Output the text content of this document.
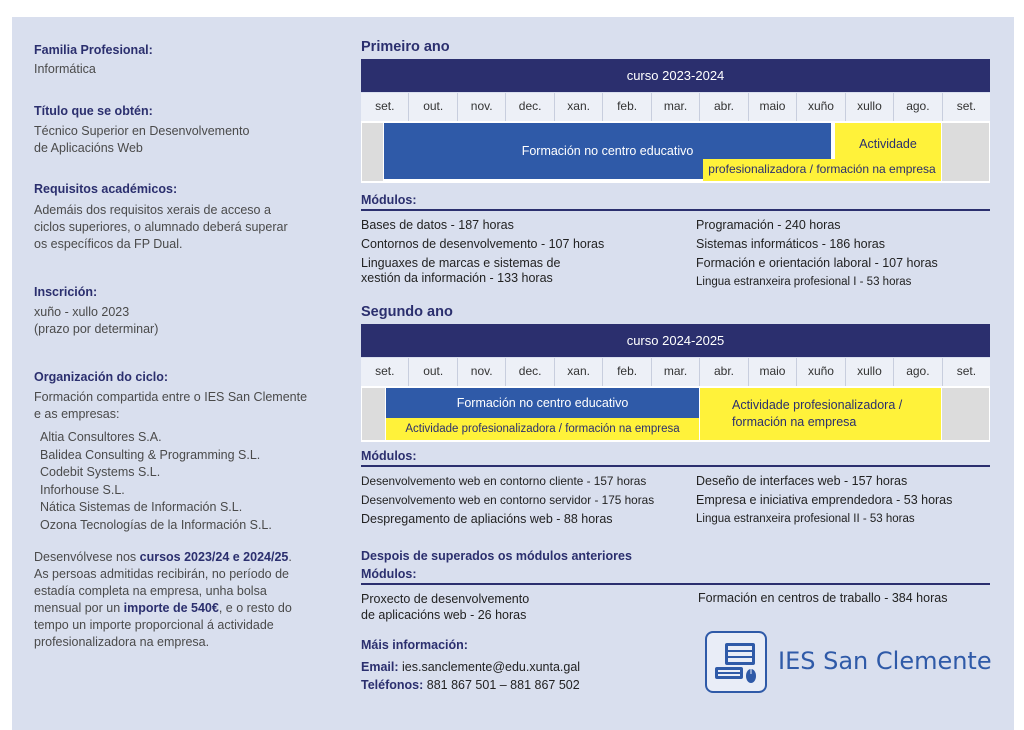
Familia Profesional:
Informática
Título que se obtén:
Técnico Superior en Desenvolvemento
de Aplicacións Web
Requisitos académicos:
Ademáis dos requisitos xerais de acceso a
ciclos superiores, o alumnado deberá superar
os específicos da FP Dual.
Inscrición:
xuño - xullo 2023
(prazo por determinar)
Organización do ciclo:
Formación compartida entre o IES San Clemente
e as empresas:
Altia Consultores S.A.
Balidea Consulting & Programming S.L.
Codebit Systems S.L.
Inforhouse S.L.
Nática Sistemas de Información S.L.
Ozona Tecnologías de la Información S.L.
Desenvólvese nos cursos 2023/24 e 2024/25.
As persoas admitidas recibirán, no período de
estadía completa na empresa, unha bolsa
mensual por un importe de 540€, e o resto do
tempo un importe proporcional á actividade
profesionalizadora na empresa.
Primeiro ano
curso 2023-2024
set.	out.	nov.	dec.	xan.	feb.	mar.	abr.	maio	xuño	xullo	ago.	set.
Formación no centro educativo	Actividade
profesionalizadora / formación na empresa
Módulos:
Bases de datos - 187 horas
Contornos de desenvolvemento - 107 horas
Linguaxes de marcas e sistemas de
xestión da información - 133 horas
Programación - 240 horas
Sistemas informáticos - 186 horas
Formación e orientación laboral - 107 horas
Lingua estranxeira profesional I - 53 horas
Segundo ano
curso 2024-2025
set.	out.	nov.	dec.	xan.	feb.	mar.	abr.	maio	xuño	xullo	ago.	set.
Formación no centro educativo
Actividade profesionalizadora / formación na empresa
Actividade profesionalizadora /
formación na empresa
Módulos:
Desenvolvemento web en contorno cliente - 157 horas
Desenvolvemento web en contorno servidor - 175 horas
Despregamento de apliacións web - 88 horas
Deseño de interfaces web - 157 horas
Empresa e iniciativa emprendedora - 53 horas
Lingua estranxeira profesional II - 53 horas
Despois de superados os módulos anteriores
Módulos:
Proxecto de desenvolvemento
de aplicacións web - 26 horas
Formación en centros de traballo - 384 horas
Máis información:
Email: ies.sanclemente@edu.xunta.gal
Teléfonos: 881 867 501 – 881 867 502
IES San Clemente
